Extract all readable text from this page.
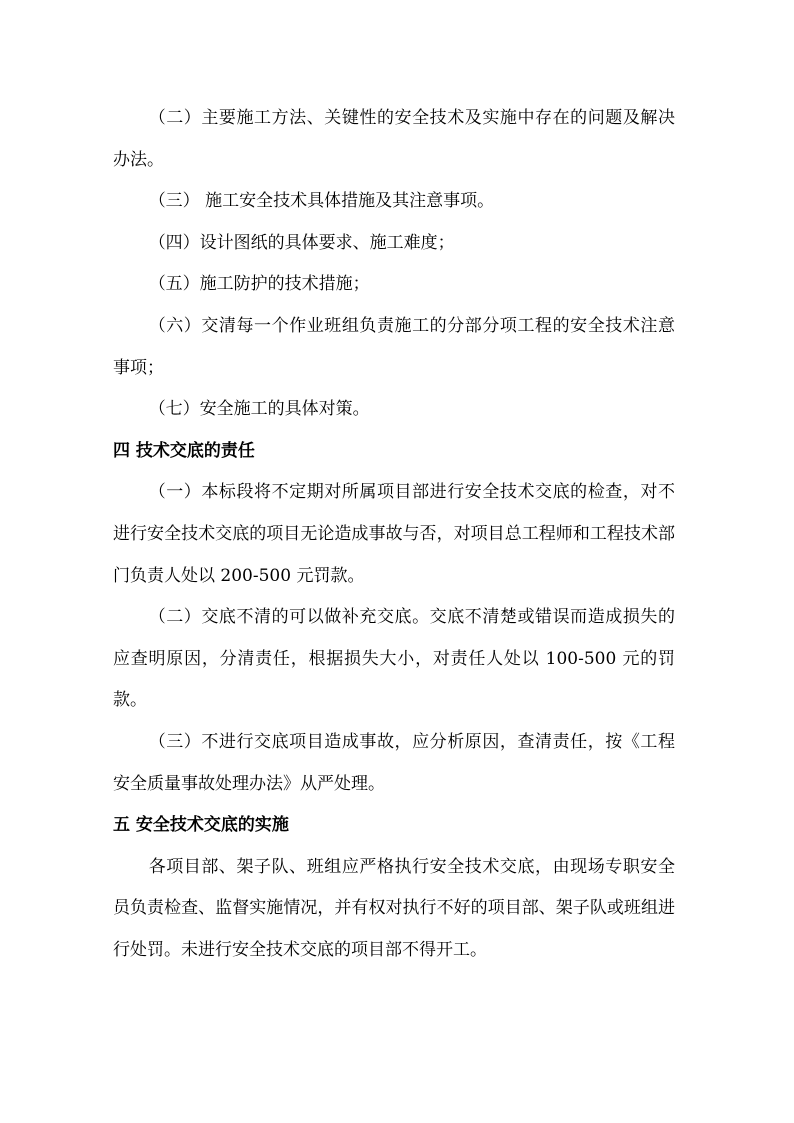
（二）主要施工方法、关键性的安全技术及实施中存在的问题及解决办法。

（三） 施工安全技术具体措施及其注意事项。

（四）设计图纸的具体要求、施工难度；

（五）施工防护的技术措施；

（六）交清每一个作业班组负责施工的分部分项工程的安全技术注意事项；

（七）安全施工的具体对策。

四 技术交底的责任

（一）本标段将不定期对所属项目部进行安全技术交底的检查，对不进行安全技术交底的项目无论造成事故与否，对项目总工程师和工程技术部门负责人处以 200-500 元罚款。

（二）交底不清的可以做补充交底。交底不清楚或错误而造成损失的应查明原因，分清责任，根据损失大小，对责任人处以 100-500 元的罚款。

（三）不进行交底项目造成事故，应分析原因，查清责任，按《工程安全质量事故处理办法》从严处理。

五 安全技术交底的实施

各项目部、架子队、班组应严格执行安全技术交底，由现场专职安全员负责检查、监督实施情况，并有权对执行不好的项目部、架子队或班组进行处罚。未进行安全技术交底的项目部不得开工。
